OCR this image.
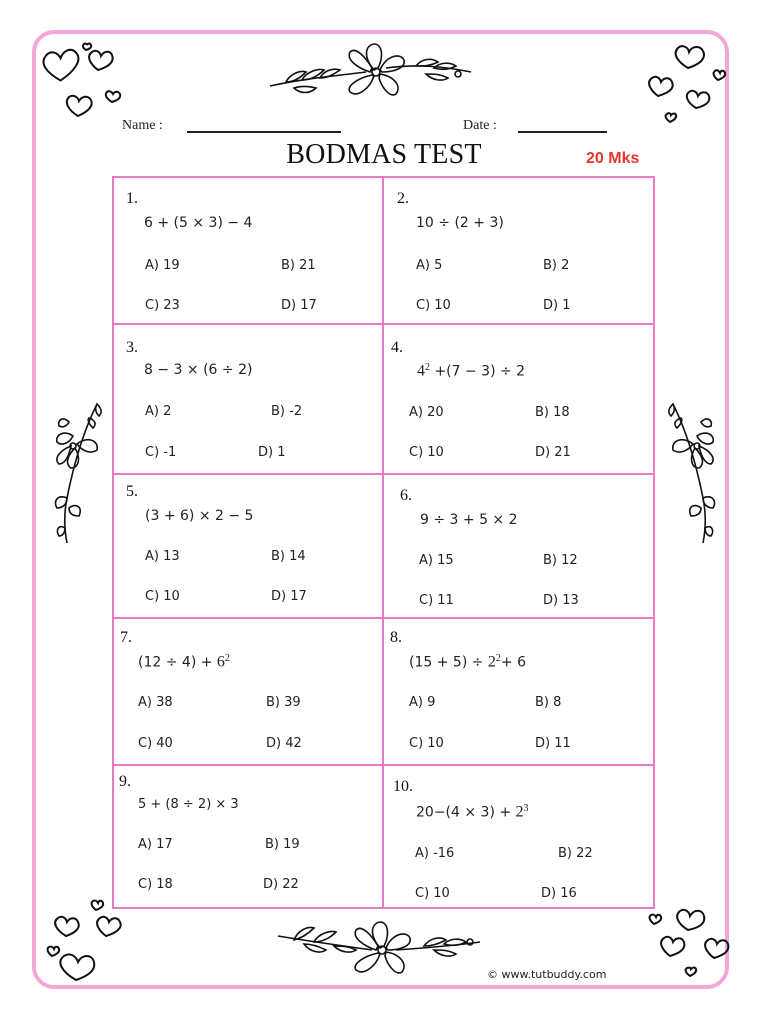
Name :	Date :
BODMAS TEST	20 Mks
1.
6 + (5 × 3) − 4
A) 19	B) 21
C) 23	D) 17
2.
10 ÷ (2 + 3)
A) 5	B) 2
C) 10	D) 1
3.
8 − 3 × (6 ÷ 2)
A) 2	B) -2
C) -1	D) 1
4.
$4^2 +(7 - 3) \div 2$
A) 20	B) 18
C) 10	D) 21
5.
(3 + 6) × 2 − 5
A) 13	B) 14
C) 10	D) 17
6.
9 ÷ 3 + 5 × 2
A) 15	B) 12
C) 11	D) 13
7.
$(12 \div 4) + 6^2$
A) 38	B) 39
C) 40	D) 42
8.
$(15 + 5) \div 2^2+ 6$
A) 9	B) 8
C) 10	D) 11
9.
5 + (8 ÷ 2) × 3
A) 17	B) 19
C) 18	D) 22
10.
$20-(4 \times 3) + 2^3$
A) -16	B) 22
C) 10	D) 16
© www.tutbuddy.com
